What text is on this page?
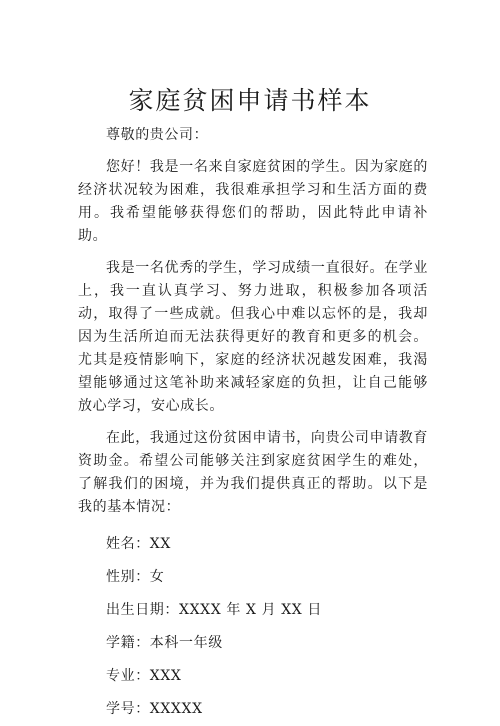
家庭贫困申请书样本

尊敬的贵公司：

您好！我是一名来自家庭贫困的学生。因为家庭的经济状况较为困难，我很难承担学习和生活方面的费用。我希望能够获得您们的帮助，因此特此申请补助。

我是一名优秀的学生，学习成绩一直很好。在学业上，我一直认真学习、努力进取，积极参加各项活动，取得了一些成就。但我心中难以忘怀的是，我却因为生活所迫而无法获得更好的教育和更多的机会。尤其是疫情影响下，家庭的经济状况越发困难，我渴望能够通过这笔补助来减轻家庭的负担，让自己能够放心学习，安心成长。

在此，我通过这份贫困申请书，向贵公司申请教育资助金。希望公司能够关注到家庭贫困学生的难处，了解我们的困境，并为我们提供真正的帮助。以下是我的基本情况：

姓名：XX

性别：女

出生日期：XXXX 年 X 月 XX 日

学籍：本科一年级

专业：XXX

学号：XXXXX
